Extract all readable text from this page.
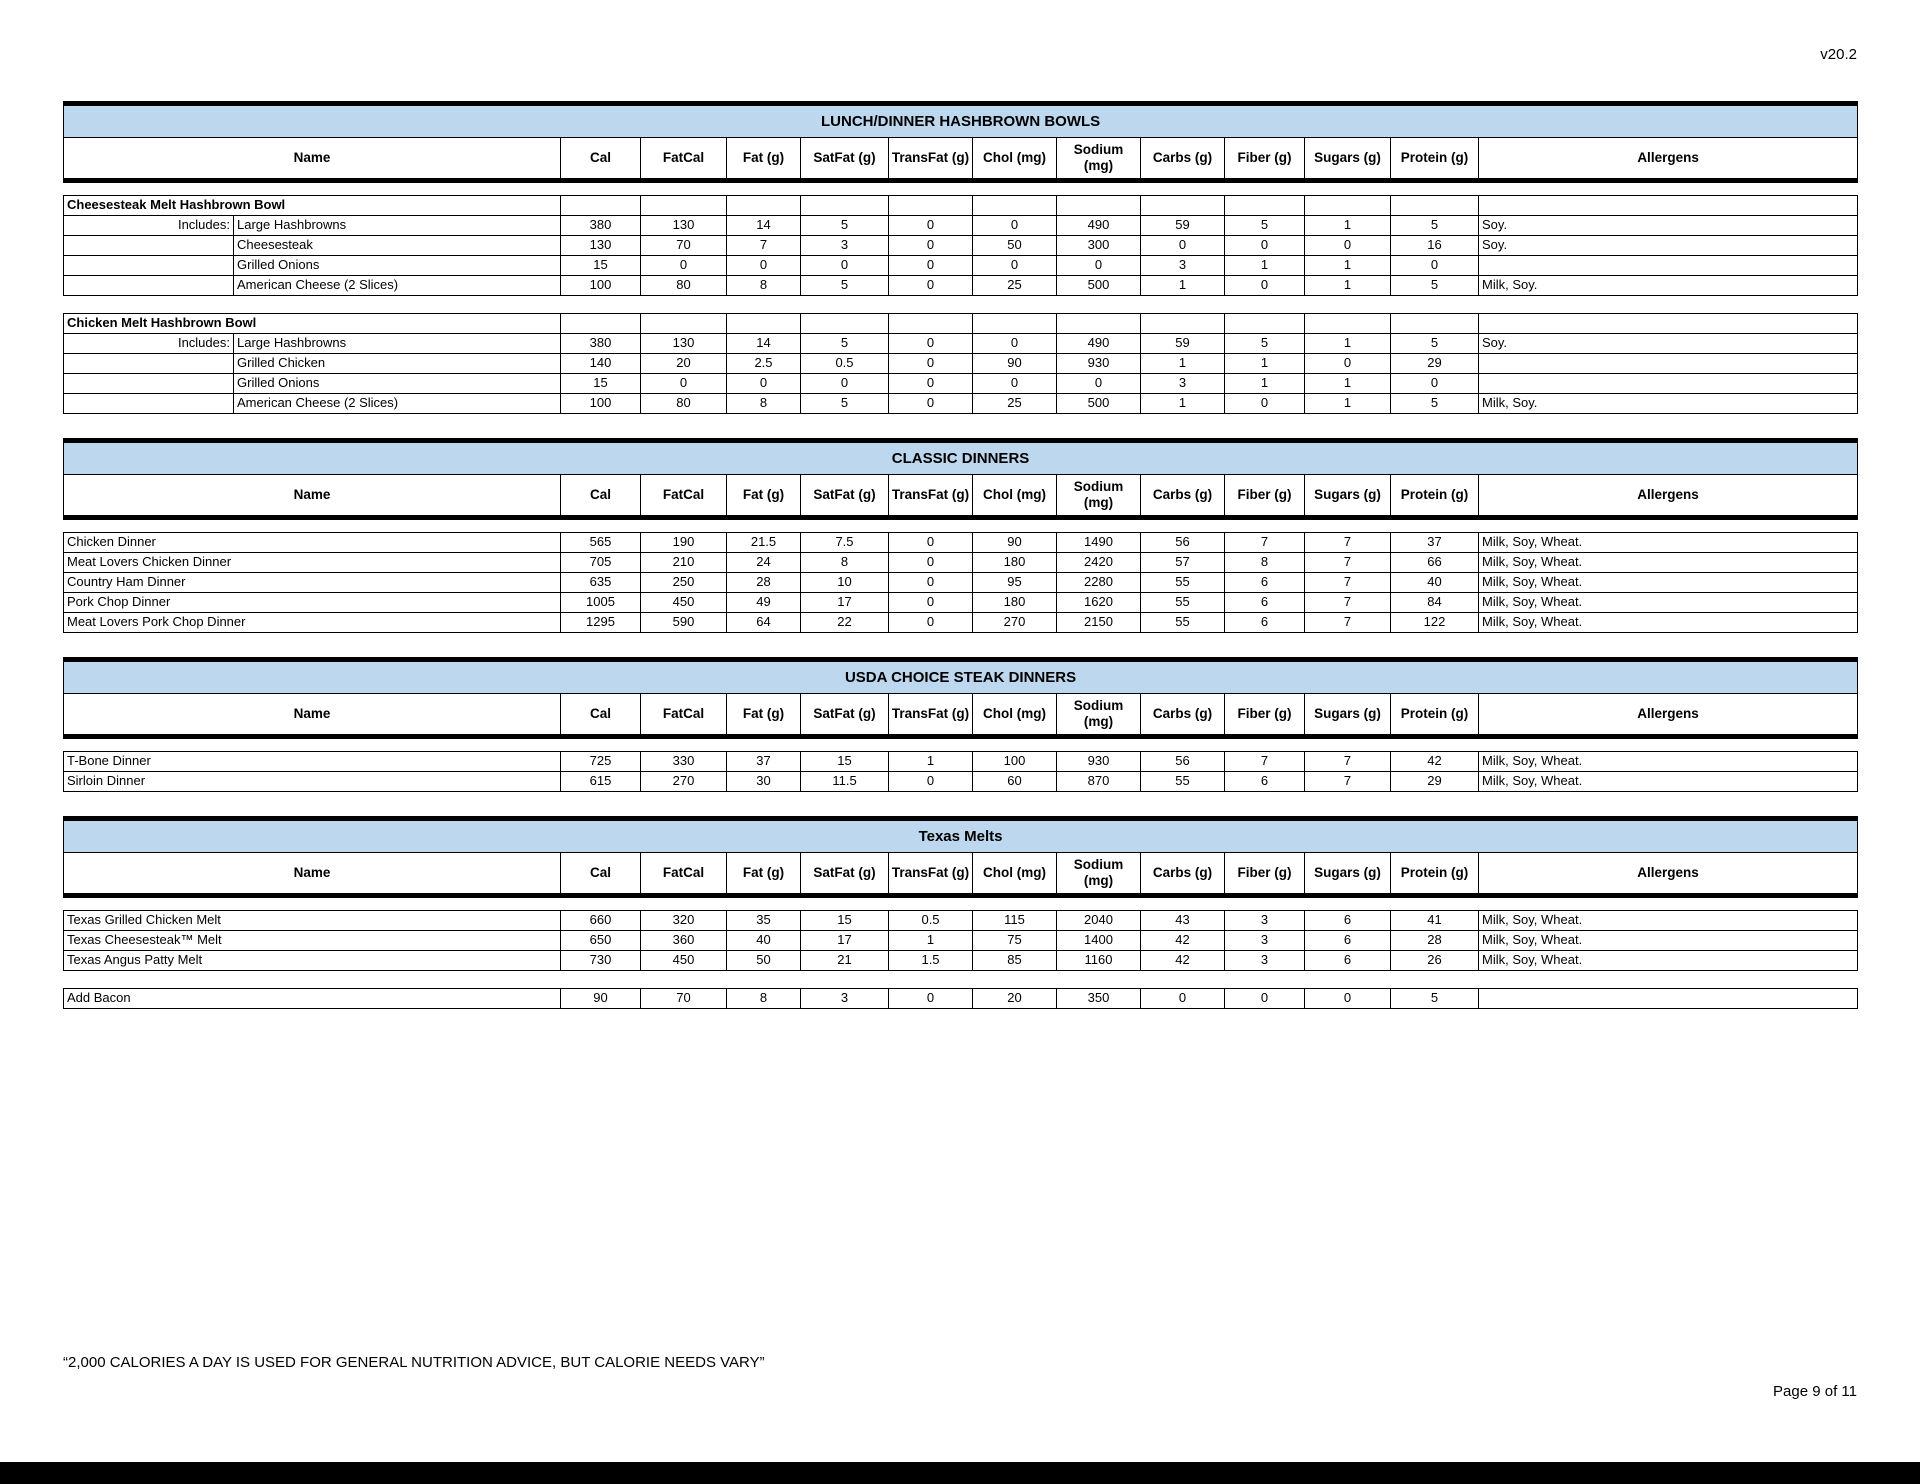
v20.2
LUNCH/DINNER HASHBROWN BOWLS
Name	Cal	FatCal	Fat (g)	SatFat (g)	TransFat (g)	Chol (mg)	Sodium (mg)	Carbs (g)	Fiber (g)	Sugars (g)	Protein (g)	Allergens
Cheesesteak Melt Hashbrown Bowl													
Includes:	Large Hashbrowns	380	130	14	5	0	0	490	59	5	1	5	Soy.
	Cheesesteak	130	70	7	3	0	50	300	0	0	0	16	Soy.
	Grilled Onions	15	0	0	0	0	0	0	3	1	1	0	
	American Cheese (2 Slices)	100	80	8	5	0	25	500	1	0	1	5	Milk, Soy.
Chicken Melt Hashbrown Bowl													
Includes:	Large Hashbrowns	380	130	14	5	0	0	490	59	5	1	5	Soy.
	Grilled Chicken	140	20	2.5	0.5	0	90	930	1	1	0	29	
	Grilled Onions	15	0	0	0	0	0	0	3	1	1	0	
	American Cheese (2 Slices)	100	80	8	5	0	25	500	1	0	1	5	Milk, Soy.
CLASSIC DINNERS
Name	Cal	FatCal	Fat (g)	SatFat (g)	TransFat (g)	Chol (mg)	Sodium (mg)	Carbs (g)	Fiber (g)	Sugars (g)	Protein (g)	Allergens
Chicken Dinner	565	190	21.5	7.5	0	90	1490	56	7	7	37	Milk, Soy, Wheat.
Meat Lovers Chicken Dinner	705	210	24	8	0	180	2420	57	8	7	66	Milk, Soy, Wheat.
Country Ham Dinner	635	250	28	10	0	95	2280	55	6	7	40	Milk, Soy, Wheat.
Pork Chop Dinner	1005	450	49	17	0	180	1620	55	6	7	84	Milk, Soy, Wheat.
Meat Lovers Pork Chop Dinner	1295	590	64	22	0	270	2150	55	6	7	122	Milk, Soy, Wheat.
USDA CHOICE STEAK DINNERS
Name	Cal	FatCal	Fat (g)	SatFat (g)	TransFat (g)	Chol (mg)	Sodium (mg)	Carbs (g)	Fiber (g)	Sugars (g)	Protein (g)	Allergens
T-Bone Dinner	725	330	37	15	1	100	930	56	7	7	42	Milk, Soy, Wheat.
Sirloin Dinner	615	270	30	11.5	0	60	870	55	6	7	29	Milk, Soy, Wheat.
Texas Melts
Name	Cal	FatCal	Fat (g)	SatFat (g)	TransFat (g)	Chol (mg)	Sodium (mg)	Carbs (g)	Fiber (g)	Sugars (g)	Protein (g)	Allergens
Texas Grilled Chicken Melt	660	320	35	15	0.5	115	2040	43	3	6	41	Milk, Soy, Wheat.
Texas Cheesesteak™ Melt	650	360	40	17	1	75	1400	42	3	6	28	Milk, Soy, Wheat.
Texas Angus Patty Melt	730	450	50	21	1.5	85	1160	42	3	6	26	Milk, Soy, Wheat.
Add Bacon	90	70	8	3	0	20	350	0	0	0	5	
“2,000 CALORIES A DAY IS USED FOR GENERAL NUTRITION ADVICE, BUT CALORIE NEEDS VARY”
Page 9 of 11
